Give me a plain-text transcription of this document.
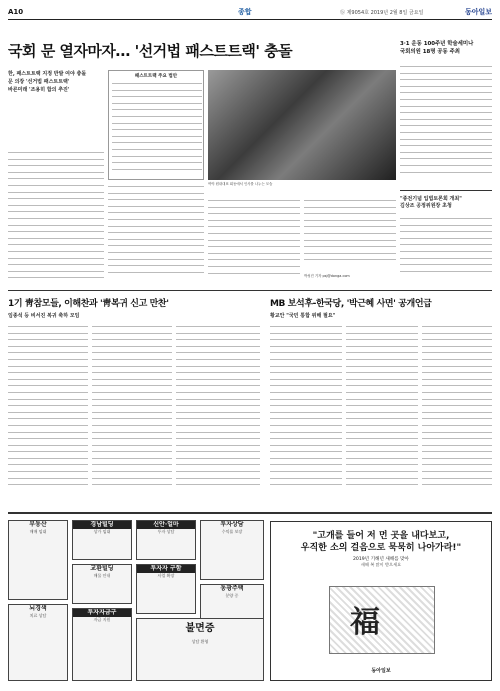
A10	종합	ⓑ 제9054호 2019년 2월 8일 금요일	동아일보
국회 문 열자마자… '선거법 패스트트랙' 충돌
한, 패스트트랙 지정 반발 여야 충돌
문 의장 '선거법 패스트트랙'
바른미래 '조용히 합의 추진'
패스트트랙 주요 법안
여야 원내대표 회동에서 인사를 나누는 모습
박성진 기자 psj@donga.com
3·1 운동 100주년 학술세미나
국회의원 18명 공동 주최
"종전기념 입법토론회 개최"
김상조 공정위원장 초청
1기 靑참모들, 이해찬과 '靑복귀 신고 만찬'	MB 보석후-한국당, '박근혜 사면' 공개언급
임종석 등 비서진 복귀 축하 모임	황교안 "국민 통합 위해 필요"
부동산
매매 임대
경남빌딩
상가 임대
신안·얼마
투자 상담
투자상담
수익률 보장
교환빌딩
매물 안내
투자자 구함
사업 확장
동광주택
분양 중
뇌경색
치료 상담	투자자금구
자금 지원
불면증
상담 환영
"고개를 들어 저 먼 곳을 내다보고,
우직한 소의 걸음으로 묵묵히 나아가라!"
2019년 기해년 새해를 맞아
새해 복 많이 받으세요
福
동아일보
